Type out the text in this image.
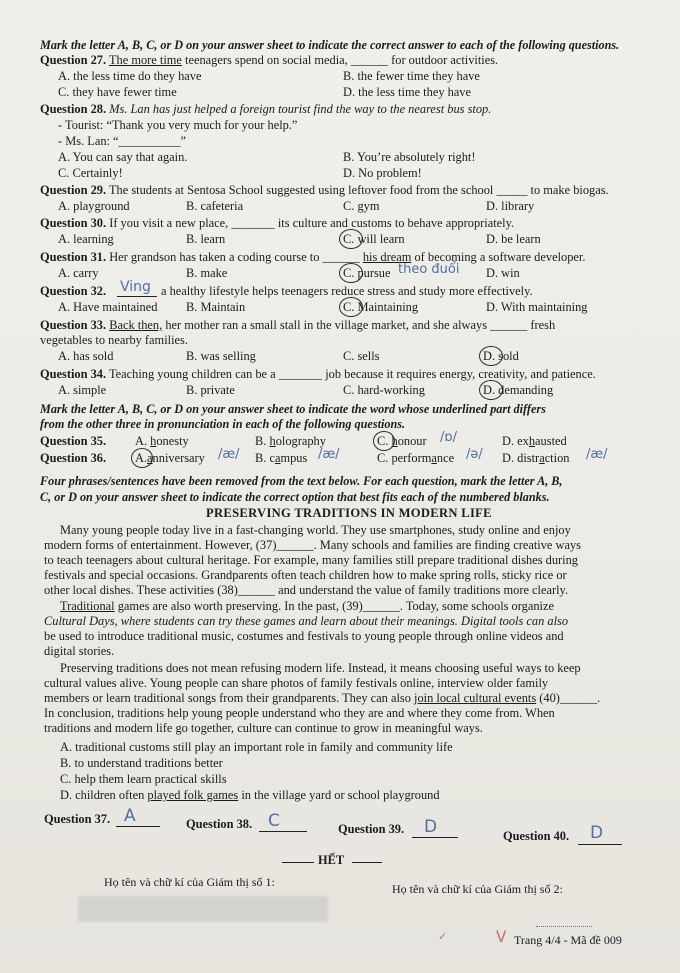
Mark the letter A, B, C, or D on your answer sheet to indicate the correct answer to each of the following questions.
Question 27. The more time teenagers spend on social media, ______ for outdoor activities.
A. the less time do they have	B. the fewer time they have
C. they have fewer time	D. the less time they have
Question 28. Ms. Lan has just helped a foreign tourist find the way to the nearest bus stop.
- Tourist: “Thank you very much for your help.”
- Ms. Lan: “__________”
A. You can say that again.	B. You’re absolutely right!
C. Certainly!	D. No problem!
Question 29. The students at Sentosa School suggested using leftover food from the school _____ to make biogas.
A. playground	B. cafeteria	C. gym	D. library
Question 30. If you visit a new place, _______ its culture and customs to behave appropriately.
A. learning	B. learn	C. will learn	D. be learn
Question 31. Her grandson has taken a coding course to ______ his dream of becoming a software developer.
A. carry	B. make	C. pursue theo đuổi D. win
Question 32. Ving a healthy lifestyle helps teenagers reduce stress and study more effectively.
A. Have maintained B. Maintain	C. Maintaining	D. With maintaining
Question 33. Back then, her mother ran a small stall in the village market, and she always ______ fresh
vegetables to nearby families.
A. has sold	B. was selling	C. sells	D. sold
Question 34. Teaching young children can be a _______ job because it requires energy, creativity, and patience.
A. simple	B. private	C. hard-working	D. demanding
Mark the letter A, B, C, or D on your answer sheet to indicate the word whose underlined part differs
from the other three in pronunciation in each of the following questions.
Question 35. A. honesty	B. holography	C. honour /ɒ/	D. exhausted
Question 36. A.anniversary /æ/ B. campus /æ/	C. performance /ə/ D. distraction /æ/
Four phrases/sentences have been removed from the text below. For each question, mark the letter A, B,
C, or D on your answer sheet to indicate the correct option that best fits each of the numbered blanks.
PRESERVING TRADITIONS IN MODERN LIFE
Many young people today live in a fast-changing world. They use smartphones, study online and enjoy
modern forms of entertainment. However, (37)______. Many schools and families are finding creative ways
to teach teenagers about cultural heritage. For example, many families still prepare traditional dishes during
festivals and special occasions. Grandparents often teach children how to make spring rolls, sticky rice or
other local dishes. These activities (38)______ and understand the value of family traditions more clearly.
Traditional games are also worth preserving. In the past, (39)______. Today, some schools organize
Cultural Days, where students can try these games and learn about their meanings. Digital tools can also
be used to introduce traditional music, costumes and festivals to young people through online videos and
digital stories.
Preserving traditions does not mean refusing modern life. Instead, it means choosing useful ways to keep
cultural values alive. Young people can share photos of family festivals online, interview older family
members or learn traditional songs from their grandparents. They can also join local cultural events (40)______.
In conclusion, traditions help young people understand who they are and where they come from. When
traditions and modern life go together, culture can continue to grow in meaningful ways.
A. traditional customs still play an important role in family and community life
B. to understand traditions better
C. help them learn practical skills
D. children often played folk games in the village yard or school playground
Question 37. A	Question 38. C	Question 39. D	Question 40. D
HẾT
Họ tên và chữ kí của Giám thị số 1:	Họ tên và chữ kí của Giám thị số 2:
✓	ᐯ Trang 4/4 - Mã đề 009
